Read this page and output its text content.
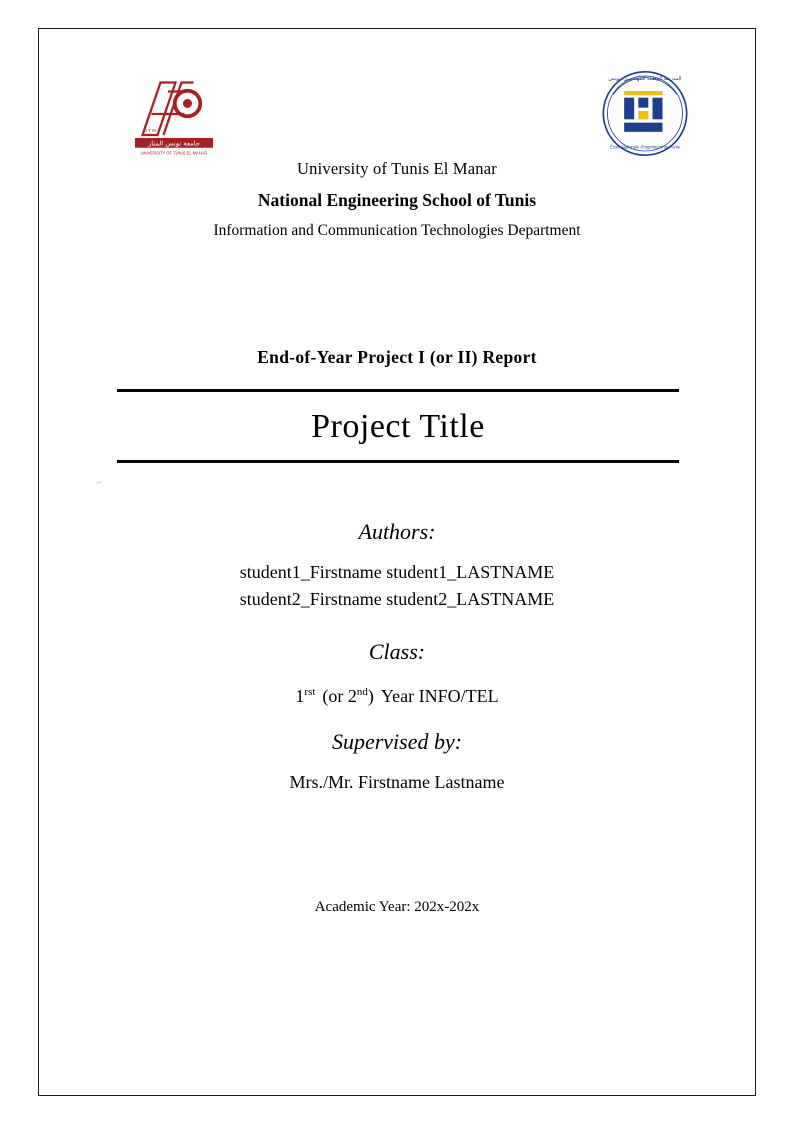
جامعة تونس المنار
UNIVERSITY OF TUNIS EL MANAR
U T M
المدرسة الوطنية للمهندسين بتونس
École Nationale d'Ingénieurs de Tunis
University of Tunis El Manar
National Engineering School of Tunis
Information and Communication Technologies Department
End-of-Year Project I (or II) Report
Project Title
⌐
Authors:
student1_Firstname student1_LASTNAME
student2_Firstname student2_LASTNAME
Class:
$1^{rst}$ (or 2nd) Year INFO/TEL
Supervised by:
Mrs./Mr. Firstname Lastname
Academic Year: 202x-202x
